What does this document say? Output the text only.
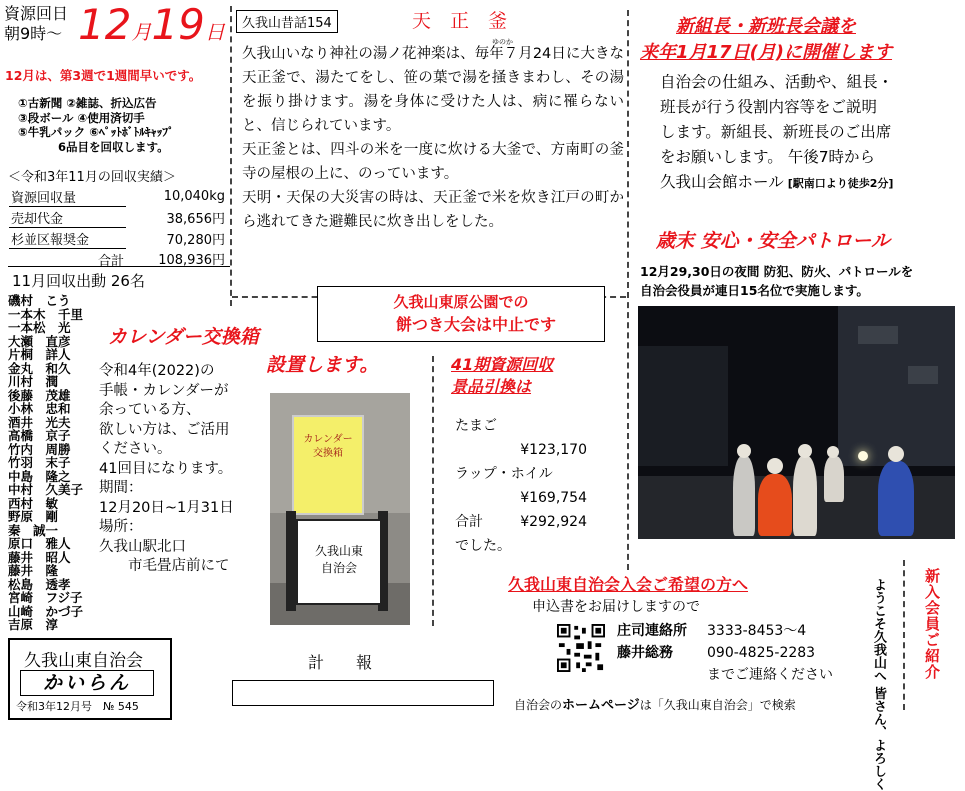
資源回日
朝9時〜 12月19日
12月は、第3週で1週間早いです。
①古新聞 ②雑誌、折込広告
③段ボール ④使用済切手
⑤牛乳パック ⑥ﾍﾟｯﾄﾎﾞﾄﾙｷｬｯﾌﾟ
6品目を回収します。
＜令和3年11月の回収実績＞
資源回収量	10,040kg
売却代金	38,656円
杉並区報奨金	70,280円
合計	108,936円
11月回収出動 26名
磯村　こう
一本木　千里
一本松　光
大瀬　直彦
片桐　詳人
金丸　和久
川村　潤
後藤　茂雄
小林　忠和
酒井　光夫
高橋　京子
竹内　周勝
竹羽　末子
中島　隆之
中村　久美子
西村　敏
野原　剛
秦　誠一
原口　雅人
藤井　昭人
藤井　隆
松島　透孝
宮崎　フジ子
山崎　かづ子
吉原　淳
久我山東自治会
かいらん
令和3年12月号　№ 545
久我山昔話154	天　正　釜
ゆのか

久我山いなり神社の湯ノ花神楽は、毎年７月24日に大きな天正釜で、湯たてをし、笹の葉で湯を掻きまわし、その湯を振り掛けます。湯を身体に受けた人は、病に罹らないと、信じられています。

天正釜とは、四斗の米を一度に炊ける大釜で、方南町の釜寺の屋根の上に、のっています。

天明・天保の大災害の時は、天正釜で米を炊き江戸の町から逃れてきた避難民に炊き出しをした。

久我山東原公園での
餅つき大会は中止です
カレンダー交換箱
設置します。
令和4年(2022)の
手帳・カレンダーが
余っている方、
欲しい方は、ご活用
ください。
41回目になります。
期間：
12月20日~1月31日
場所：
久我山駅北口
　　市毛畳店前にて
カレンダー
交換箱
久我山東
自治会
41期資源回収
景品引換は
たまご
¥123,170
ラップ・ホイル
¥169,754
合計	¥292,924
でした。
計　　報
新組長・新班長会議を
来年1月17日(月)に開催します
自治会の仕組み、活動や、組長・
班長が行う役割内容等をご説明
します。新組長、新班長のご出席
をお願いします。 午後7時から
久我山会館ホール [駅南口より徒歩2分]
歳末 安心・安全パトロール
12月29,30日の夜間 防犯、防火、パトロールを
自治会役員が連日15名位で実施します。
久我山東自治会入会ご希望の方へ
申込書をお届けしますので
庄司連絡所 3333-8453〜4
藤井総務 090-4825-2283
までご連絡ください
自治会のホームページは「久我山東自治会」で検索
ようこそ久我山へ 皆さん、よろしく
新入会員ご紹介
